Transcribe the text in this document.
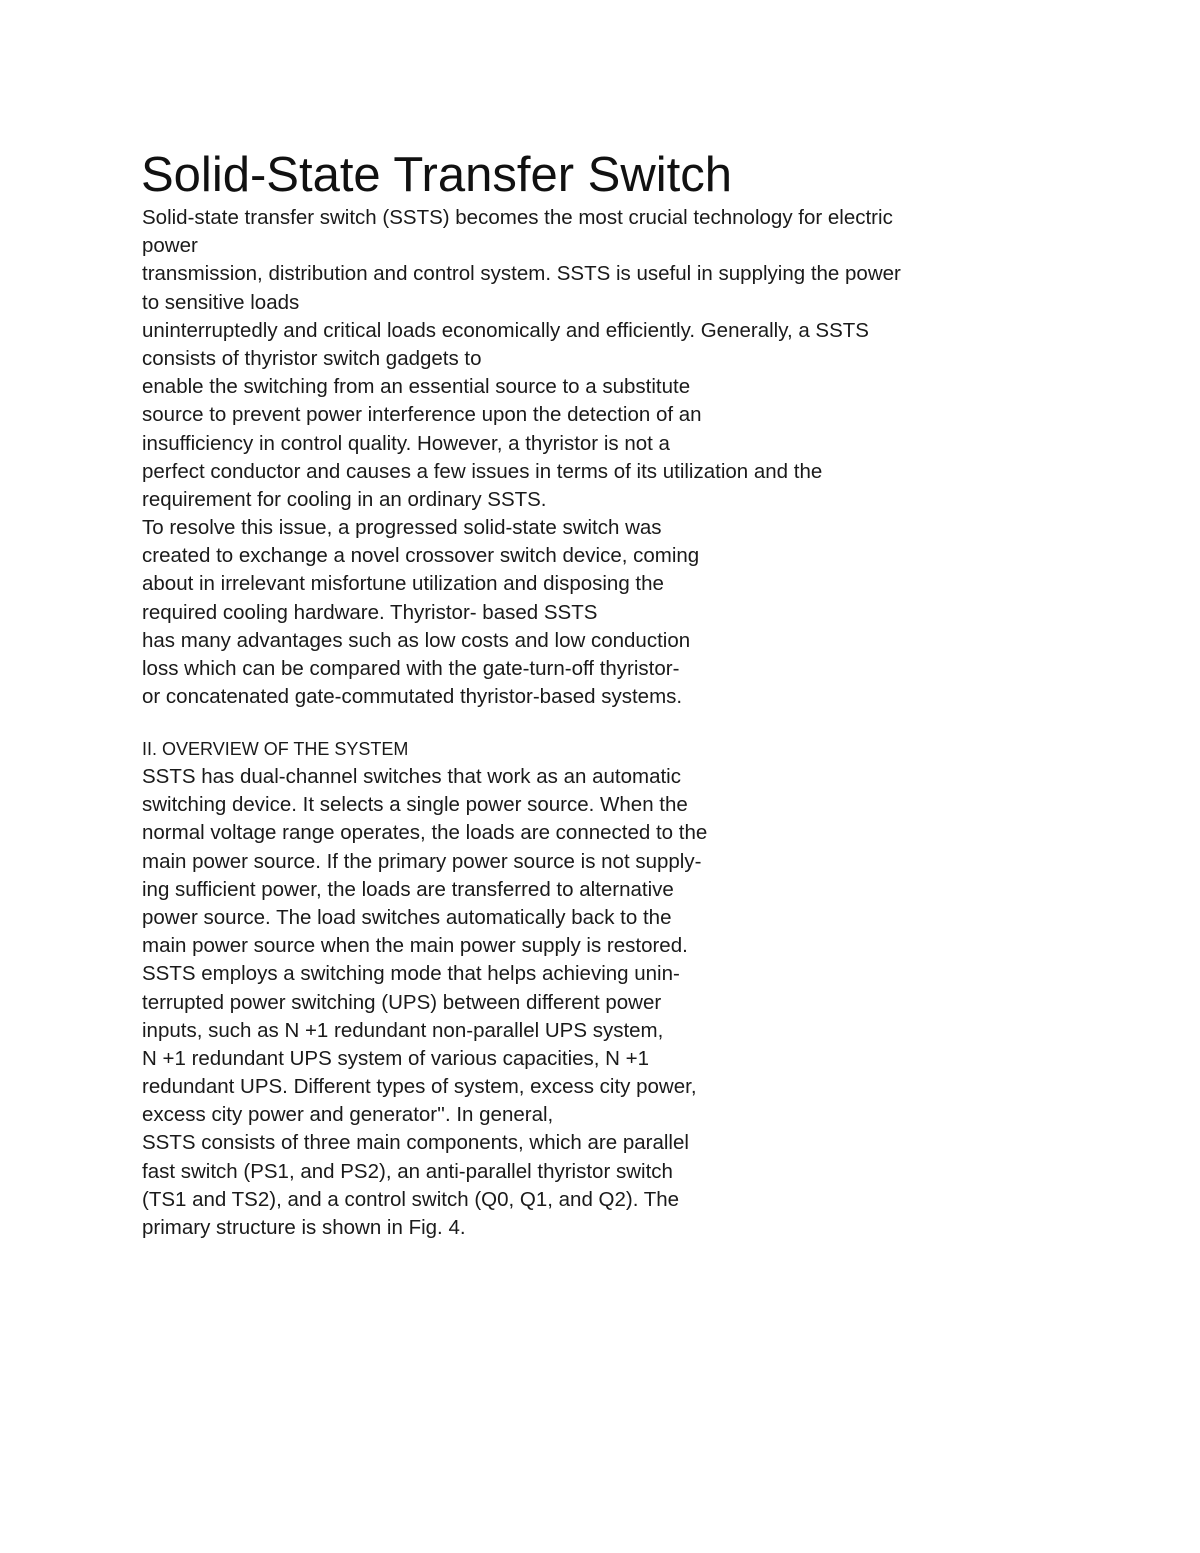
Solid-State Transfer Switch
Solid-state transfer switch (SSTS) becomes the most crucial technology for electric
power
transmission, distribution and control system. SSTS is useful in supplying the power
to sensitive loads
uninterruptedly and critical loads economically and efficiently. Generally, a SSTS
consists of thyristor switch gadgets to
enable the switching from an essential source to a substitute
source to prevent power interference upon the detection of an
insufficiency in control quality. However, a thyristor is not a
perfect conductor and causes a few issues in terms of its utilization and the
requirement for cooling in an ordinary SSTS.
To resolve this issue, a progressed solid-state switch was
created to exchange a novel crossover switch device, coming
about in irrelevant misfortune utilization and disposing the
required cooling hardware. Thyristor- based SSTS
has many advantages such as low costs and low conduction
loss which can be compared with the gate-turn-off thyristor-
or concatenated gate-commutated thyristor-based systems.
II. OVERVIEW OF THE SYSTEM
SSTS has dual-channel switches that work as an automatic
switching device. It selects a single power source. When the
normal voltage range operates, the loads are connected to the
main power source. If the primary power source is not supply-
ing sufficient power, the loads are transferred to alternative
power source. The load switches automatically back to the
main power source when the main power supply is restored.
SSTS employs a switching mode that helps achieving unin-
terrupted power switching (UPS) between different power
inputs, such as N +1 redundant non-parallel UPS system,
N +1 redundant UPS system of various capacities, N +1
redundant UPS. Different types of system, excess city power,
excess city power and generator''. In general,
SSTS consists of three main components, which are parallel
fast switch (PS1, and PS2), an anti-parallel thyristor switch
(TS1 and TS2), and a control switch (Q0, Q1, and Q2). The
primary structure is shown in Fig. 4.
